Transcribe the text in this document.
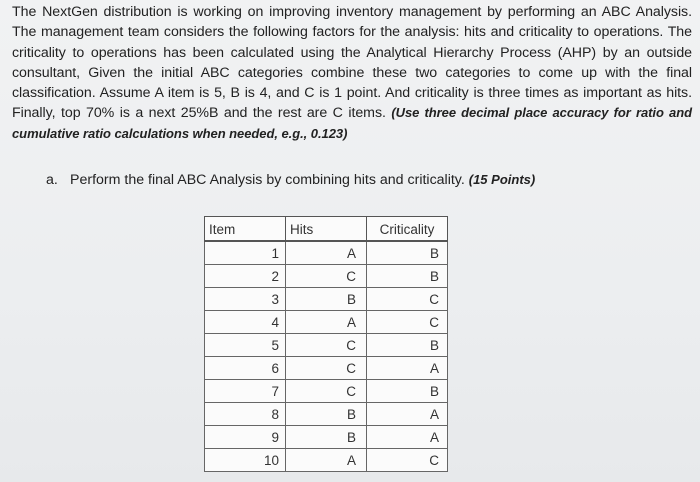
The NextGen distribution is working on improving inventory management by performing an ABC Analysis. The management team considers the following factors for the analysis: hits and criticality to operations. The criticality to operations has been calculated using the Analytical Hierarchy Process (AHP) by an outside consultant, Given the initial ABC categories combine these two categories to come up with the final classification. Assume A item is 5, B is 4, and C is 1 point. And criticality is three times as important as hits. Finally, top 70% is a next 25%B and the rest are C items. (Use three decimal place accuracy for ratio and cumulative ratio calculations when needed, e.g., 0.123)
a. Perform the final ABC Analysis by combining hits and criticality. (15 Points)
Item	Hits	Criticality
1	A	B
2	C	B
3	B	C
4	A	C
5	C	B
6	C	A
7	C	B
8	B	A
9	B	A
10	A	C
